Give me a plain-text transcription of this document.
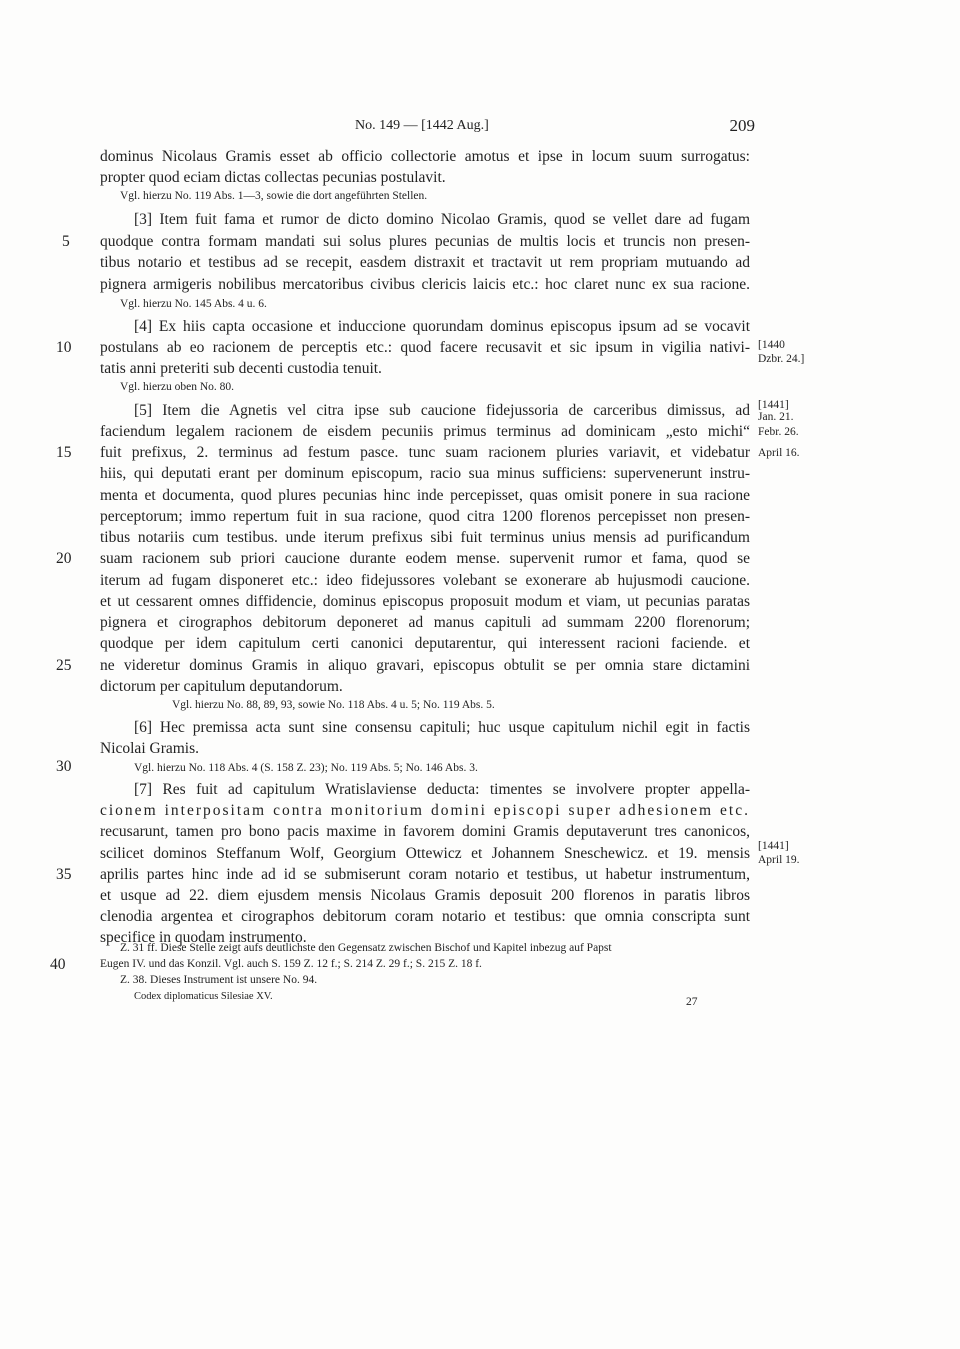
No. 149 — [1442 Aug.]	209
dominus Nicolaus Gramis esset ab officio collectorie amotus et ipse in locum suum surrogatus:
propter quod eciam dictas collectas pecunias postulavit.
Vgl. hierzu No. 119 Abs. 1—3, sowie die dort angeführten Stellen.
[3] Item fuit fama et rumor de dicto domino Nicolao Gramis, quod se vellet dare ad fugam
quodque contra formam mandati sui solus plures pecunias de multis locis et truncis non presen-
tibus notario et testibus ad se recepit, easdem distraxit et tractavit ut rem propriam mutuando ad
pignera armigeris nobilibus mercatoribus civibus clericis laicis etc.: hoc claret nunc ex sua racione.
Vgl. hierzu No. 145 Abs. 4 u. 6.
[4] Ex hiis capta occasione et induccione quorundam dominus episcopus ipsum ad se vocavit
postulans ab eo racionem de perceptis etc.: quod facere recusavit et sic ipsum in vigilia nativi-
tatis anni preteriti sub decenti custodia tenuit.
Vgl. hierzu oben No. 80.
[5] Item die Agnetis vel citra ipse sub caucione fidejussoria de carceribus dimissus, ad
faciendum legalem racionem de eisdem pecuniis primus terminus ad dominicam „esto michi“
fuit prefixus, 2. terminus ad festum pasce. tunc suam racionem pluries variavit, et videbatur
hiis, qui deputati erant per dominum episcopum, racio sua minus sufficiens: supervenerunt instru-
menta et documenta, quod plures pecunias hinc inde percepisset, quas omisit ponere in sua racione
perceptorum; immo repertum fuit in sua racione, quod citra 1200 florenos percepisset non presen-
tibus notariis cum testibus. unde iterum prefixus sibi fuit terminus unius mensis ad purificandum
suam racionem sub priori caucione durante eodem mense. supervenit rumor et fama, quod se
iterum ad fugam disponeret etc.: ideo fidejussores volebant se exonerare ab hujusmodi caucione.
et ut cessarent omnes diffidencie, dominus episcopus proposuit modum et viam, ut pecunias paratas
pignera et cirographos debitorum deponeret ad manus capituli ad summam 2200 florenorum;
quodque per idem capitulum certi canonici deputarentur, qui interessent racioni faciende. et
ne videretur dominus Gramis in aliquo gravari, episcopus obtulit se per omnia stare dictamini
dictorum per capitulum deputandorum.
Vgl. hierzu No. 88, 89, 93, sowie No. 118 Abs. 4 u. 5; No. 119 Abs. 5.
[6] Hec premissa acta sunt sine consensu capituli; huc usque capitulum nichil egit in factis
Nicolai Gramis.
Vgl. hierzu No. 118 Abs. 4 (S. 158 Z. 23); No. 119 Abs. 5; No. 146 Abs. 3.
[7] Res fuit ad capitulum Wratislaviense deducta: timentes se involvere propter appella-
cionem interpositam contra monitorium domini episcopi super adhesionem etc.
recusarunt, tamen pro bono pacis maxime in favorem domini Gramis deputaverunt tres canonicos,
scilicet dominos Steffanum Wolf, Georgium Ottewicz et Johannem Sneschewicz. et 19. mensis
aprilis partes hinc inde ad id se submiserunt coram notario et testibus, ut habetur instrumentum,
et usque ad 22. diem ejusdem mensis Nicolaus Gramis deposuit 200 florenos in paratis libros
clenodia argentea et cirographos debitorum coram notario et testibus: que omnia conscripta sunt
specifice in quodam instrumento.
5
10
15
20
25
30
35
40
[1440
Dzbr. 24.]
[1441]
Jan. 21.
Febr. 26.
April 16.
[1441]
April 19.
Z. 31 ff. Diese Stelle zeigt aufs deutlichste den Gegensatz zwischen Bischof und Kapitel inbezug auf Papst
Eugen IV. und das Konzil. Vgl. auch S. 159 Z. 12 f.; S. 214 Z. 29 f.; S. 215 Z. 18 f.
Z. 38. Dieses Instrument ist unsere No. 94.
Codex diplomaticus Silesiae XV.	27
